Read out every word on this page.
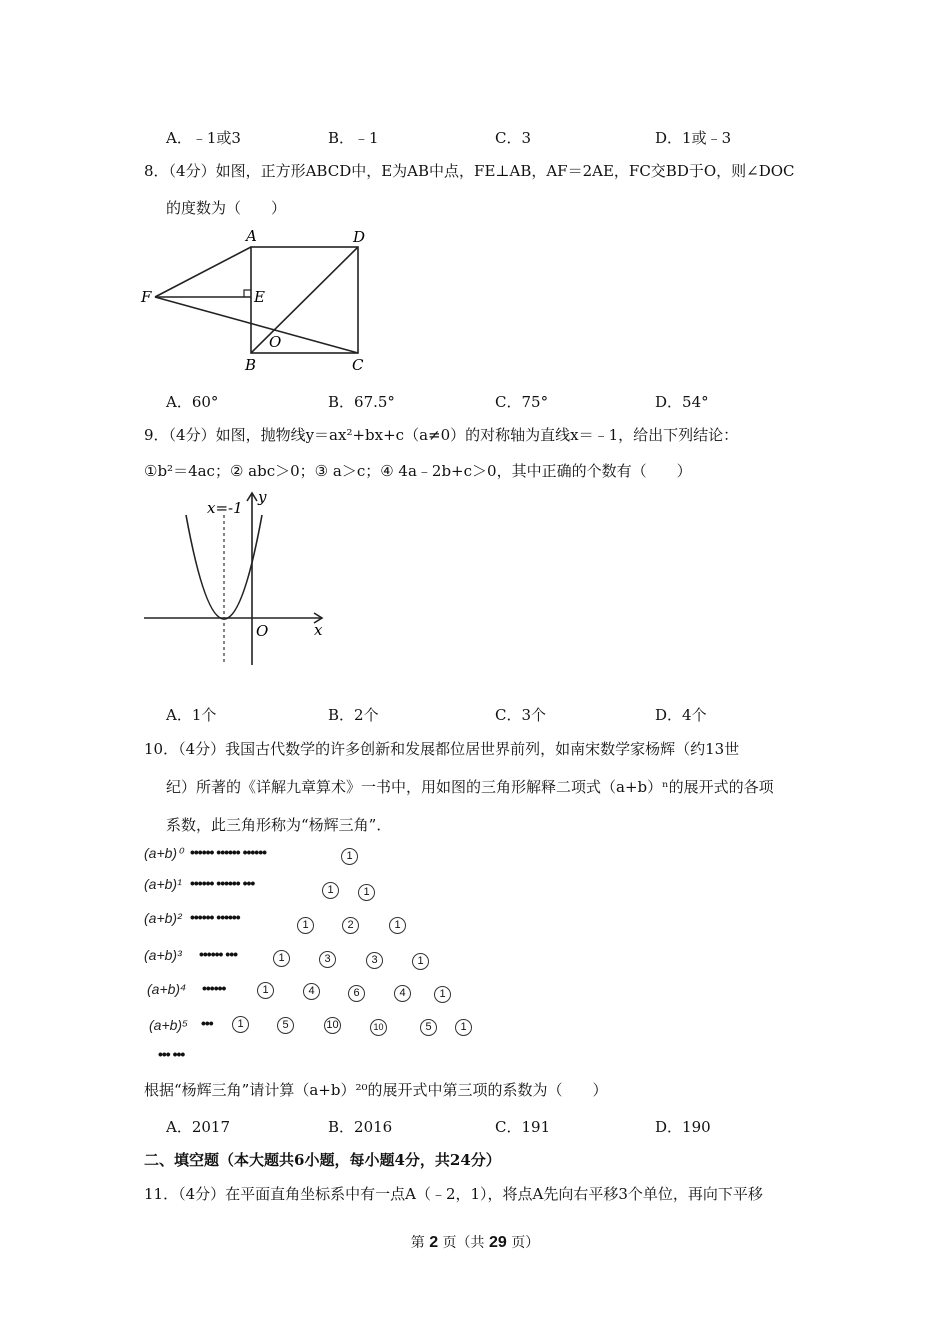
A．﹣1或3	B．﹣1	C．3	D．1或﹣3
8．（4分）如图，正方形ABCD中，E为AB中点，FE⊥AB，AF＝2AE，FC交BD于O，则∠DOC
的度数为（　　）
A	D
E
F
O
B	C
A．60°	B．67.5°	C．75°	D．54°
9．（4分）如图，抛物线y＝ax²+bx+c（a≠0）的对称轴为直线x＝﹣1，给出下列结论：
①b²＝4ac；② abc＞0；③ a＞c；④ 4a﹣2b+c＞0，其中正确的个数有（　　）
x=-1
y
x
O
A．1个	B．2个	C．3个	D．4个
10．（4分）我国古代数学的许多创新和发展都位居世界前列，如南宋数学家杨辉（约13世
纪）所著的《详解九章算术》一书中，用如图的三角形解释二项式（a+b）ⁿ的展开式的各项
系数，此三角形称为“杨辉三角”．
(a+b)⁰ •••••• •••••• ••••••	1
(a+b)¹ •••••• •••••• •••	1	1
(a+b)² •••••• ••••••	1	2	1
(a+b)³ •••••• •••	1	3	3	1
(a+b)⁴ ••••••	1	4	6	4	1
(a+b)⁵ •••	1	5	10	10	5	1
••• •••
根据“杨辉三角”请计算（a+b）²⁰的展开式中第三项的系数为（　　）
A．2017	B．2016	C．191	D．190
二、填空题（本大题共6小题，每小题4分，共24分）
11．（4分）在平面直角坐标系中有一点A（﹣2，1），将点A先向右平移3个单位，再向下平移
第 2 页（共 29 页）
